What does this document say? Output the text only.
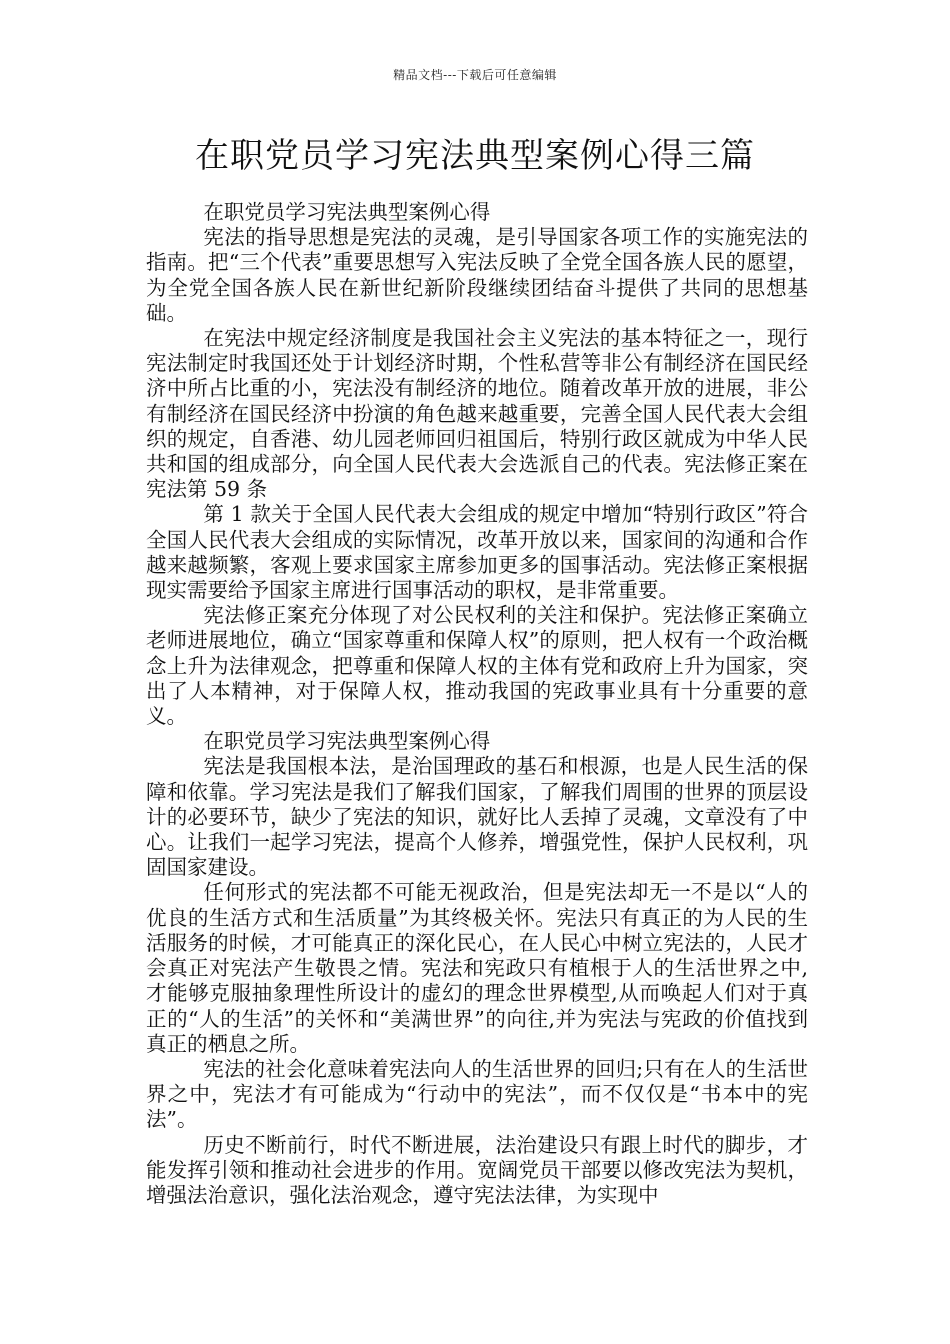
精品文档---下载后可任意编辑
在职党员学习宪法典型案例心得三篇

在职党员学习宪法典型案例心得

宪法的指导思想是宪法的灵魂，是引导国家各项工作的实施宪法的指南。把“三个代表”重要思想写入宪法反映了全党全国各族人民的愿望，为全党全国各族人民在新世纪新阶段继续团结奋斗提供了共同的思想基础。

在宪法中规定经济制度是我国社会主义宪法的基本特征之一，现行宪法制定时我国还处于计划经济时期，个性私营等非公有制经济在国民经济中所占比重的小，宪法没有制经济的地位。随着改革开放的进展，非公有制经济在国民经济中扮演的角色越来越重要，完善全国人民代表大会组织的规定，自香港、幼儿园老师回归祖国后，特别行政区就成为中华人民共和国的组成部分，向全国人民代表大会选派自己的代表。宪法修正案在宪法第 59 条

第 1 款关于全国人民代表大会组成的规定中增加“特别行政区”符合全国人民代表大会组成的实际情况，改革开放以来，国家间的沟通和合作越来越频繁，客观上要求国家主席参加更多的国事活动。宪法修正案根据现实需要给予国家主席进行国事活动的职权，是非常重要。

宪法修正案充分体现了对公民权利的关注和保护。宪法修正案确立老师进展地位，确立“国家尊重和保障人权”的原则，把人权有一个政治概念上升为法律观念，把尊重和保障人权的主体有党和政府上升为国家，突出了人本精神，对于保障人权，推动我国的宪政事业具有十分重要的意义。

在职党员学习宪法典型案例心得

宪法是我国根本法，是治国理政的基石和根源，也是人民生活的保障和依靠。学习宪法是我们了解我们国家，了解我们周围的世界的顶层设计的必要环节，缺少了宪法的知识，就好比人丢掉了灵魂，文章没有了中心。让我们一起学习宪法，提高个人修养，增强党性，保护人民权利，巩固国家建设。

任何形式的宪法都不可能无视政治，但是宪法却无一不是以“人的优良的生活方式和生活质量”为其终极关怀。宪法只有真正的为人民的生活服务的时候，才可能真正的深化民心，在人民心中树立宪法的，人民才会真正对宪法产生敬畏之情。宪法和宪政只有植根于人的生活世界之中,才能够克服抽象理性所设计的虚幻的理念世界模型,从而唤起人们对于真正的“人的生活”的关怀和“美满世界”的向往,并为宪法与宪政的价值找到真正的栖息之所。

宪法的社会化意味着宪法向人的生活世界的回归;只有在人的生活世界之中，宪法才有可能成为“行动中的宪法”，而不仅仅是“书本中的宪法”。

历史不断前行，时代不断进展，法治建设只有跟上时代的脚步，才能发挥引领和推动社会进步的作用。宽阔党员干部要以修改宪法为契机，增强法治意识，强化法治观念，遵守宪法法律，为实现中
